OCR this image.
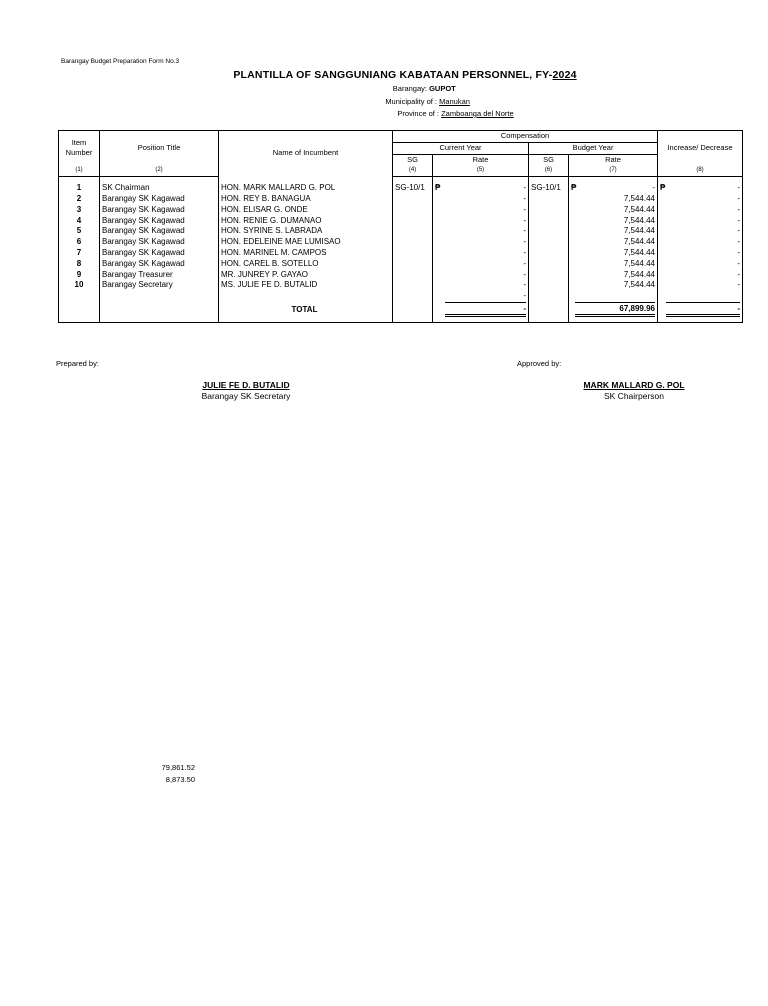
Barangay Budget Preparation Form No.3
PLANTILLA OF SANGGUNIANG KABATAAN PERSONNEL, FY-2024
Barangay: GUPOT
Municipality of : Manukan
Province of : Zamboanga del Norte
Item Number	Position Title	Name of Incumbent	Compensation				Increase/ Decrease
			Current Year		Budget Year		
			SG	Rate	SG	Rate	
(1)	(2)		(4)	(5)	(6)	(7)	(8)

1	SK Chairman	HON. MARK MALLARD G. POL	SG-10/1	₱ -	SG-10/1	₱ -	₱ -
2	Barangay SK Kagawad	HON. REY B. BANAGUA		-		7,544.44	-
3	Barangay SK Kagawad	HON. ELISAR G. ONDE		-		7,544.44	-
4	Barangay SK Kagawad	HON. RENIE G. DUMANAO		-		7,544.44	-
5	Barangay SK Kagawad	HON. SYRINE S. LABRADA		-		7,544.44	-
6	Barangay SK Kagawad	HON. EDELEINE MAE LUMISAO		-		7,544.44	-
7	Barangay SK Kagawad	HON. MARINEL M. CAMPOS		-		7,544.44	-
8	Barangay SK Kagawad	HON. CAREL B. SOTELLO		-		7,544.44	-
9	Barangay Treasurer	MR. JUNREY P. GAYAO		-		7,544.44	-
10	Barangay Secretary	MS. JULIE FE D. BUTALID		-		7,544.44	-
				-			
		TOTAL		-		67,899.96	-

Prepared by:	Approved by:
JULIE FE D. BUTALID
Barangay SK Secretary
MARK MALLARD G. POL
SK Chairperson
79,861.52
8,873.50
